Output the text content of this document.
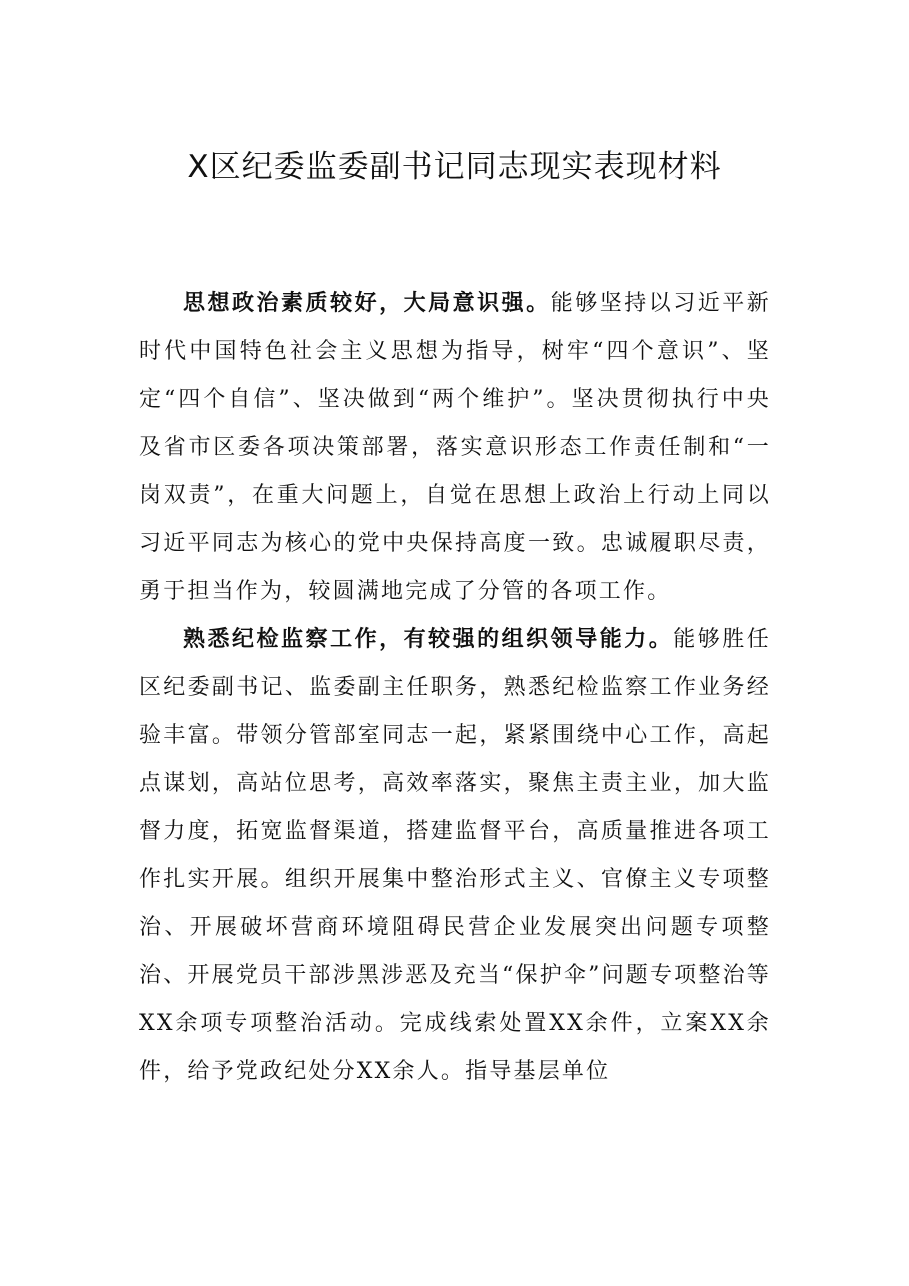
X区纪委监委副书记同志现实表现材料

思想政治素质较好，大局意识强。能够坚持以习近平新时代中国特色社会主义思想为指导，树牢“四个意识”、坚定“四个自信”、坚决做到“两个维护”。坚决贯彻执行中央及省市区委各项决策部署，落实意识形态工作责任制和“一岗双责”，在重大问题上，自觉在思想上政治上行动上同以习近平同志为核心的党中央保持高度一致。忠诚履职尽责，勇于担当作为，较圆满地完成了分管的各项工作。

熟悉纪检监察工作，有较强的组织领导能力。能够胜任区纪委副书记、监委副主任职务，熟悉纪检监察工作业务经验丰富。带领分管部室同志一起，紧紧围绕中心工作，高起点谋划，高站位思考，高效率落实，聚焦主责主业，加大监督力度，拓宽监督渠道，搭建监督平台，高质量推进各项工作扎实开展。组织开展集中整治形式主义、官僚主义专项整治、开展破坏营商环境阻碍民营企业发展突出问题专项整治、开展党员干部涉黑涉恶及充当“保护伞”问题专项整治等XX余项专项整治活动。完成线索处置XX余件，立案XX余件，给予党政纪处分XX余人。指导基层单位
